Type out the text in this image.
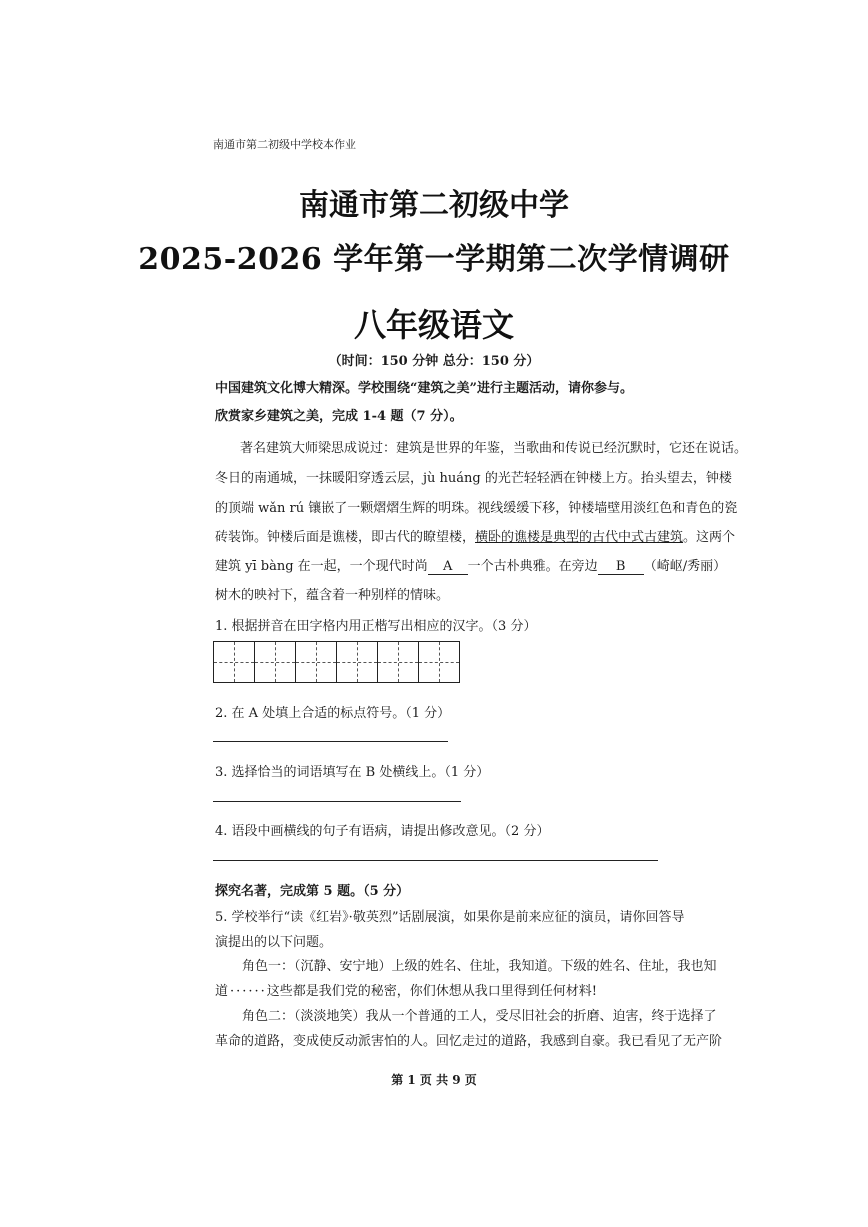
南通市第二初级中学校本作业
南通市第二初级中学
2025-2026 学年第一学期第二次学情调研
八年级语文
（时间：150 分钟 总分：150 分）
中国建筑文化博大精深。学校围绕“建筑之美”进行主题活动，请你参与。
欣赏家乡建筑之美，完成 1-4 题（7 分）。
著名建筑大师梁思成说过：建筑是世界的年鉴，当歌曲和传说已经沉默时，它还在说话。
冬日的南通城，一抹暖阳穿透云层，jù huáng 的光芒轻轻洒在钟楼上方。抬头望去，钟楼
的顶端 wǎn rú 镶嵌了一颗熠熠生辉的明珠。视线缓缓下移，钟楼墙壁用淡红色和青色的瓷
砖装饰。钟楼后面是谯楼，即古代的瞭望楼，横卧的谯楼是典型的古代中式古建筑。这两个
建筑 yī bàng 在一起，一个现代时尚 A 一个古朴典雅。在旁边 B （崎岖/秀丽）
树木的映衬下，蕴含着一种别样的情味。
1. 根据拼音在田字格内用正楷写出相应的汉字。（3 分）
2. 在 A 处填上合适的标点符号。（1 分）
3. 选择恰当的词语填写在 B 处横线上。（1 分）
4. 语段中画横线的句子有语病，请提出修改意见。（2 分）
探究名著，完成第 5 题。（5 分）
5. 学校举行“读《红岩》·敬英烈”话剧展演，如果你是前来应征的演员，请你回答导
演提出的以下问题。
角色一：（沉静、安宁地）上级的姓名、住址，我知道。下级的姓名、住址，我也知
道······这些都是我们党的秘密，你们休想从我口里得到任何材料!
角色二：（淡淡地笑）我从一个普通的工人，受尽旧社会的折磨、迫害，终于选择了
革命的道路，变成使反动派害怕的人。回忆走过的道路，我感到自豪。我已看见了无产阶
第 1 页 共 9 页
